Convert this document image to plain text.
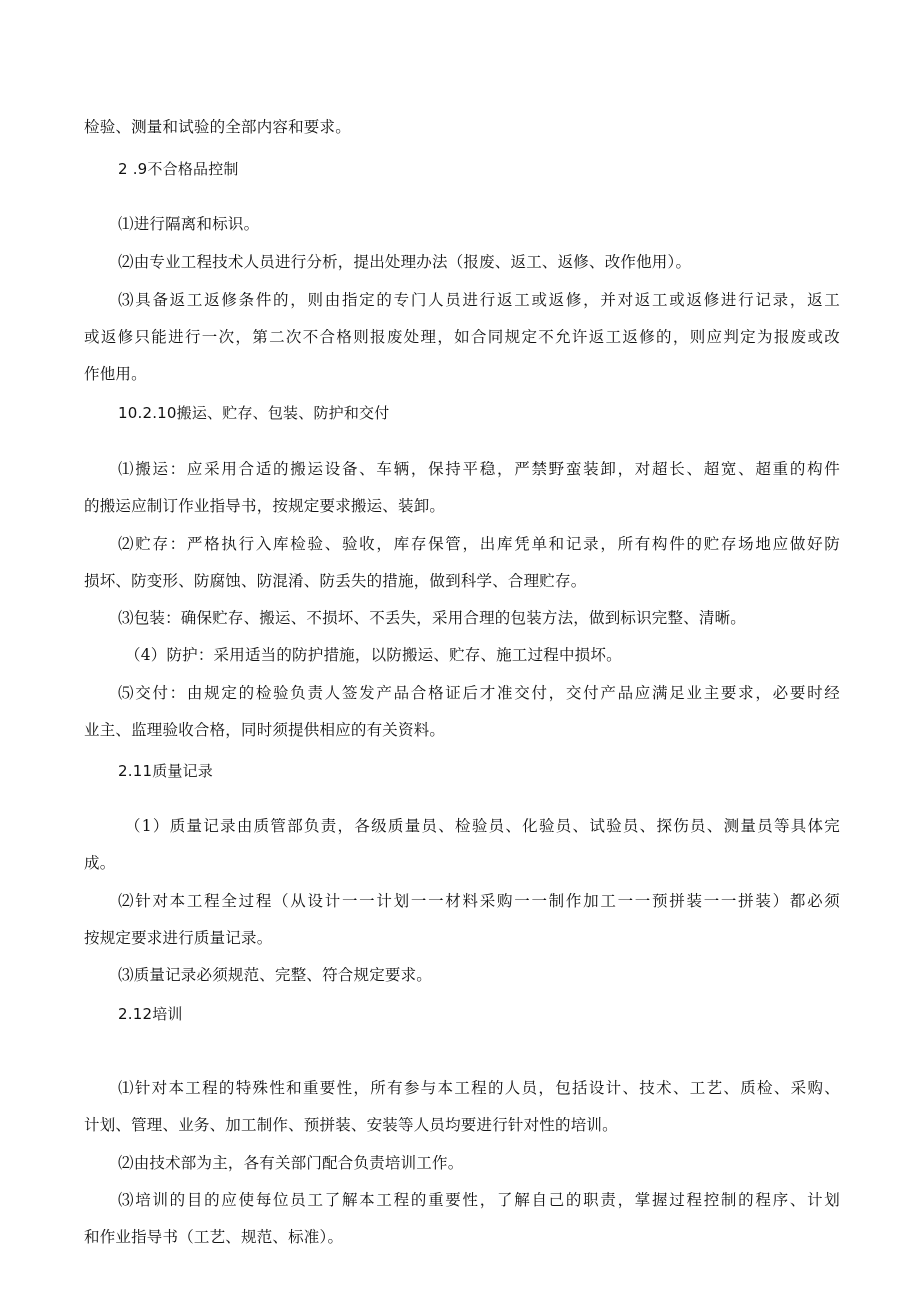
检验、测量和试验的全部内容和要求。
2 .9不合格品控制
⑴进行隔离和标识。
⑵由专业工程技术人员进行分析，提出处理办法（报废、返工、返修、改作他用）。
⑶具备返工返修条件的，则由指定的专门人员进行返工或返修，并对返工或返修进行记录，返工
或返修只能进行一次，第二次不合格则报废处理，如合同规定不允许返工返修的，则应判定为报废或改
作他用。
10.2.10搬运、贮存、包装、防护和交付
⑴搬运：应采用合适的搬运设备、车辆，保持平稳，严禁野蛮装卸，对超长、超宽、超重的构件
的搬运应制订作业指导书，按规定要求搬运、装卸。
⑵贮存：严格执行入库检验、验收，库存保管，出库凭单和记录，所有构件的贮存场地应做好防
损坏、防变形、防腐蚀、防混淆、防丢失的措施，做到科学、合理贮存。
⑶包装：确保贮存、搬运、不损坏、不丢失，采用合理的包装方法，做到标识完整、清晰。
（4）防护：采用适当的防护措施，以防搬运、贮存、施工过程中损坏。
⑸交付：由规定的检验负责人签发产品合格证后才准交付，交付产品应满足业主要求，必要时经
业主、监理验收合格，同时须提供相应的有关资料。
2.11质量记录
（1）质量记录由质管部负责，各级质量员、检验员、化验员、试验员、探伤员、测量员等具体完
成。
⑵针对本工程全过程（从设计一一计划一一材料采购一一制作加工一一预拼装一一拼装）都必须
按规定要求进行质量记录。
⑶质量记录必须规范、完整、符合规定要求。
2.12培训
⑴针对本工程的特殊性和重要性，所有参与本工程的人员，包括设计、技术、工艺、质检、采购、
计划、管理、业务、加工制作、预拼装、安装等人员均要进行针对性的培训。
⑵由技术部为主，各有关部门配合负责培训工作。
⑶培训的目的应使每位员工了解本工程的重要性，了解自己的职责，掌握过程控制的程序、计划
和作业指导书（工艺、规范、标准）。
